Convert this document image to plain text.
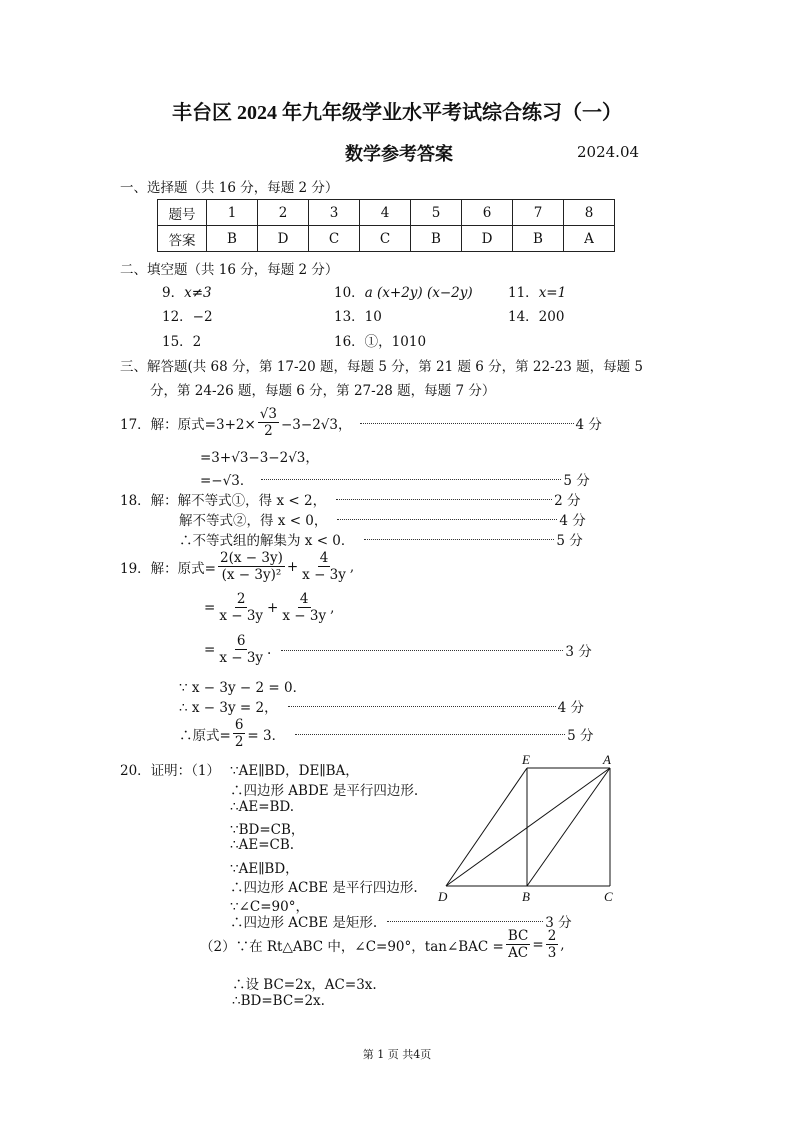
丰台区 2024 年九年级学业水平考试综合练习（一）
数学参考答案	2024.04
一、选择题（共 16 分，每题 2 分）
题号	1	2	3	4	5	6	7	8
答案	B	D	C	C	B	D	B	A
二、填空题（共 16 分，每题 2 分）
9．x≠3	10．a (x+2y) (x−2y)	11．x=1
12．−2	13．10	14．200
15．2	16．①，1010
三、解答题(共 68 分，第 17-20 题，每题 5 分，第 21 题 6 分，第 22-23 题，每题 5
分，第 24-26 题，每题 6 分，第 27-28 题，每题 7 分）
17．解：原式$=3+2\times \frac{√3}{2} -3-2√3$，	4 分
=3+√3−3−2√3，
=−√3．	5 分
18．解：解不等式①，得 x < 2，	2 分
解不等式②，得 x < 0，	4 分
∴不等式组的解集为 x < 0．	5 分
19．解：原式= $\frac{2(x - 3y)}{\text{(x − 3y)²}} + \frac{4}{x - 3y}$ ,
= $\frac{2}{x - 3y} + \frac{4}{x - 3y}$ ,
= $\frac{6}{x - 3y}$ .	3 分
∵ x − 3y − 2 = 0．
∴ x − 3y = 2，	4 分
∴原式= $\frac{6}{2} = 3$．	5 分
20．证明：（1） ∵AE∥BD，DE∥BA，
∴四边形 ABDE 是平行四边形.
∴AE=BD.
∵BD=CB，
∴AE=CB.
∵AE∥BD，
∴四边形 ACBE 是平行四边形.
∵∠C=90°，
∴四边形 ACBE 是矩形.	3 分
E	A
D	B	C
（2）∵在 Rt△ABC 中，∠C=90°，tan∠BAC = $\frac{BC}{AC} = \frac{2}{3}$ ,
∴设 BC=2x，AC=3x.
∴BD=BC=2x.
第 1 页 共4页
